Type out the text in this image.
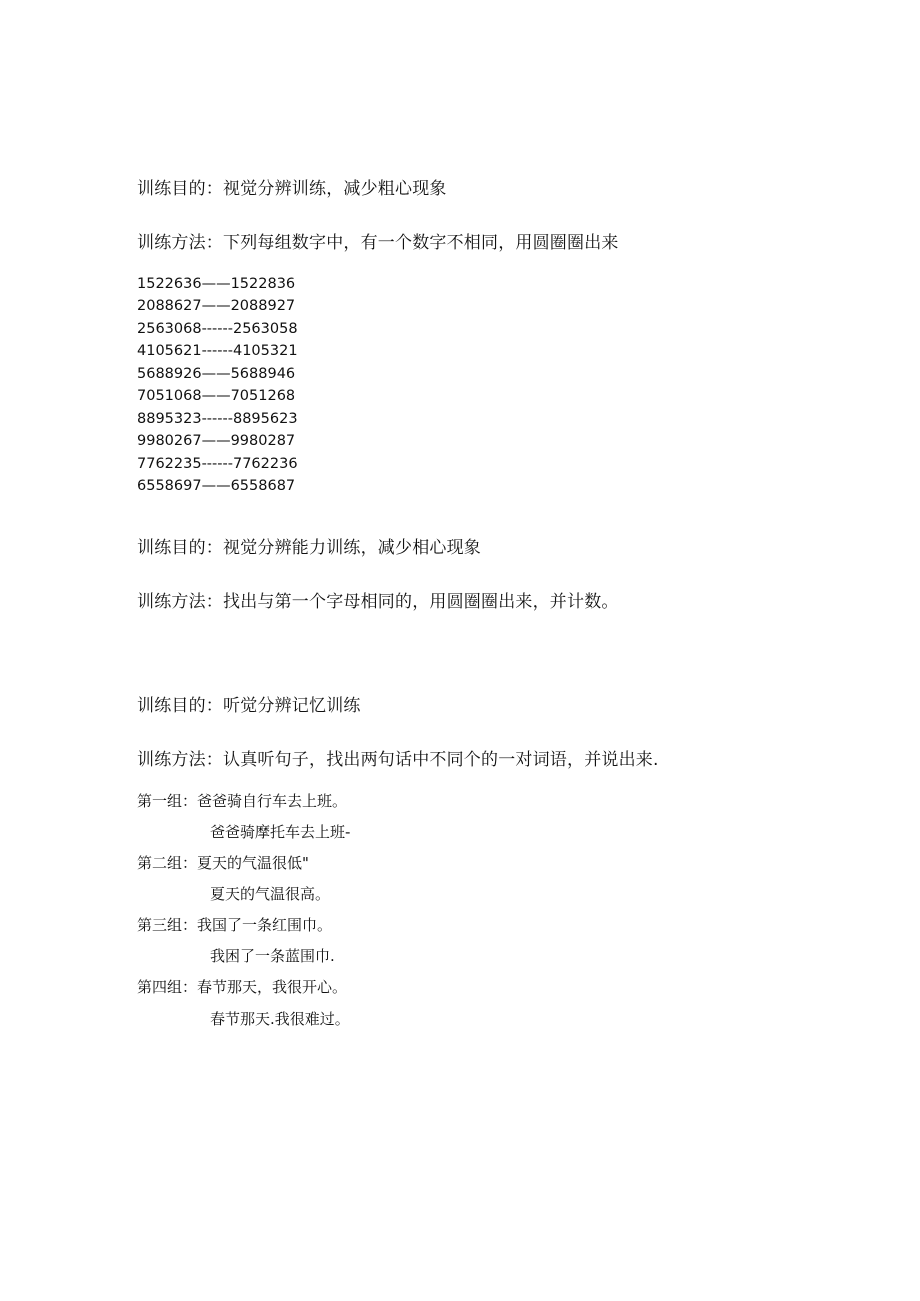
训练目的：视觉分辨训练，减少粗心现象
训练方法：下列每组数字中，有一个数字不相同，用圆圈圈出来
1522636——1522836
2088627——2088927
2563068------2563058
4105621------4105321
5688926——5688946
7051068——7051268
8895323------8895623
9980267——9980287
7762235------7762236
6558697——6558687
训练目的：视觉分辨能力训练，减少相心现象
训练方法：找出与第一个字母相同的，用圆圈圈出来，并计数。
训练目的：听觉分辨记忆训练
训练方法：认真听句子，找出两句话中不同个的一对词语，并说出来.
第一组：爸爸骑自行车去上班。
爸爸骑摩托车去上班-
第二组：夏天的气温很低"
夏天的气温很高。
第三组：我国了一条红围巾。
我困了一条蓝围巾.
第四组：春节那天，我很开心。
春节那天.我很难过。
